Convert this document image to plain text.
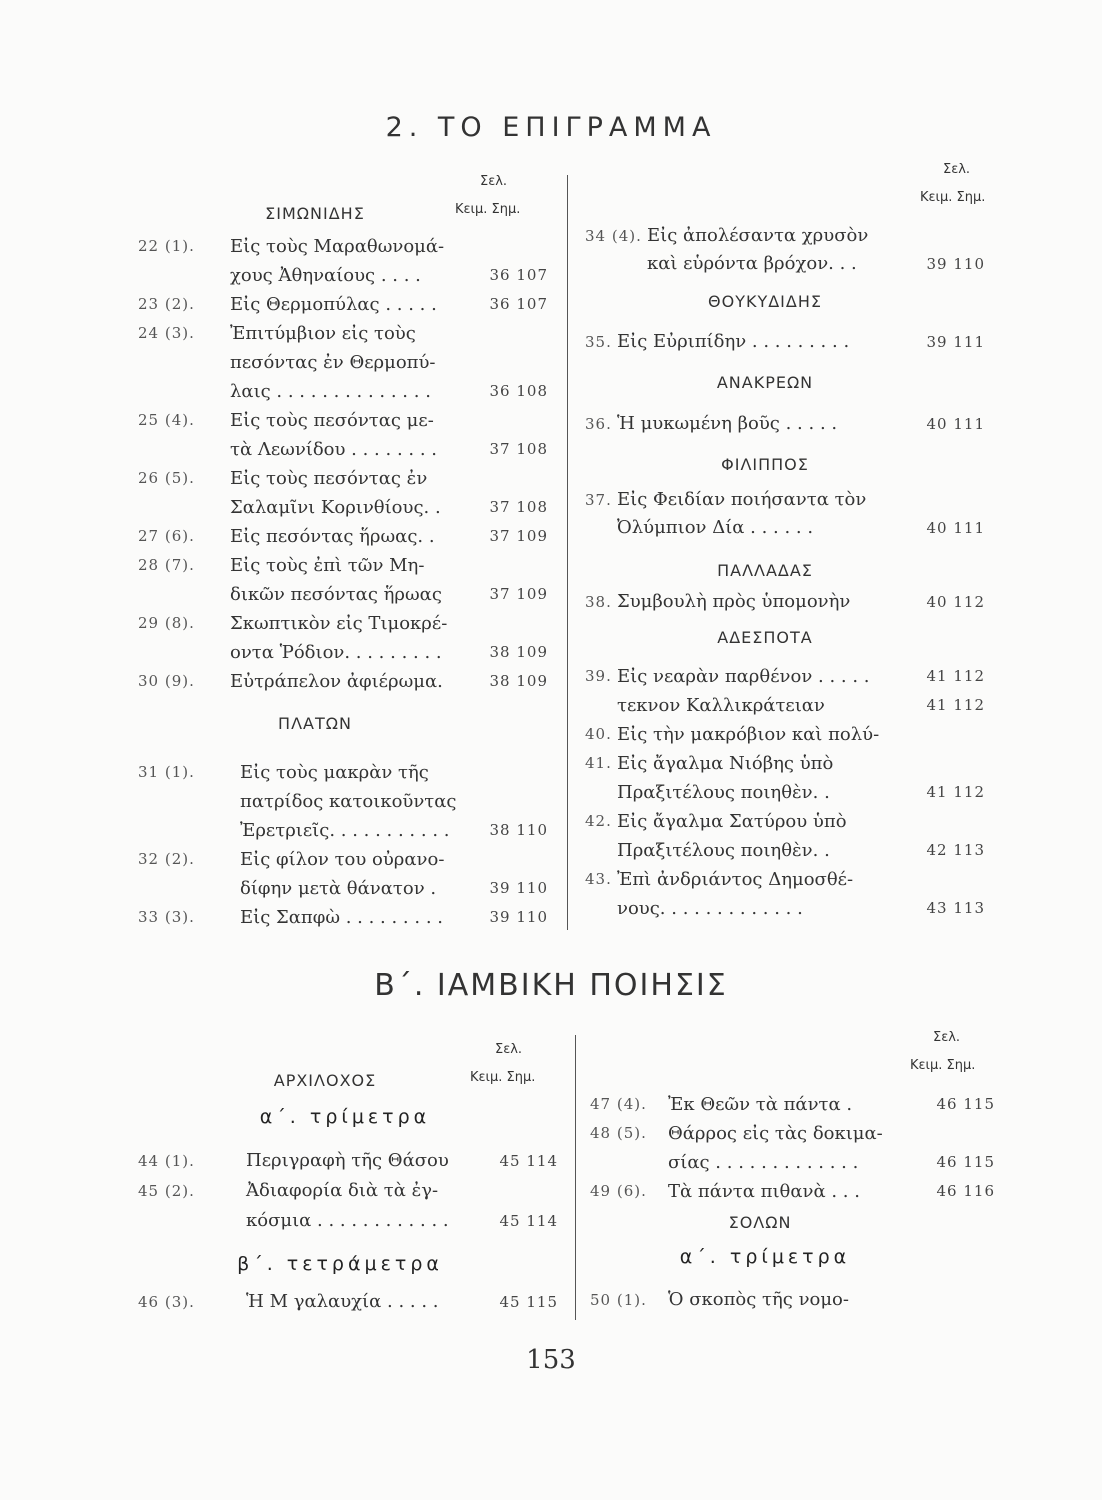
2. ΤΟ ΕΠΙΓΡΑΜΜΑ
Σελ.
Κειμ. Σημ.
ΣΙΜΩΝΙΔΗΣ
22 (1). Εἰς τοὺς Μαραθωνομά-
χους Ἀθηναίους . . . .	36 107
23 (2). Εἰς Θερμοπύλας . . . . .	36 107
24 (3). Ἐπιτύμβιον εἰς τοὺς
πεσόντας ἐν Θερμοπύ-
λαις . . . . . . . . . . . . . .	36 108
25 (4). Εἰς τοὺς πεσόντας με-
τὰ Λεωνίδου . . . . . . . .	37 108
26 (5). Εἰς τοὺς πεσόντας ἐν
Σαλαμῖνι Κορινθίους. .	37 108
27 (6). Εἰς πεσόντας ἥρωας. .	37 109
28 (7). Εἰς τοὺς ἐπὶ τῶν Μη-
δικῶν πεσόντας ἥρωας	37 109
29 (8). Σκωπτικὸν εἰς Τιμοκρέ-
οντα Ῥόδιον. . . . . . . . .	38 109
30 (9). Εὐτράπελον ἀφιέρωμα.	38 109
ΠΛΑΤΩΝ
31 (1).	Εἰς τοὺς μακρὰν τῆς
πατρίδος κατοικοῦντας
Ἐρετριεῖς. . . . . . . . . . .	38 110
32 (2).	Εἰς φίλον του οὐρανο-
δίφην μετὰ θάνατον .	39 110
33 (3).	Εἰς Σαπφὼ . . . . . . . . .	39 110
Σελ.
Κειμ. Σημ.
34 (4). Εἰς ἀπολέσαντα χρυσὸν
καὶ εὑρόντα βρόχον. . .	39 110
ΘΟΥΚΥΔΙΔΗΣ
35. Εἰς Εὐριπίδην . . . . . . . . .	39 111
ΑΝΑΚΡΕΩΝ
36. Ἡ μυκωμένη βοῦς . . . . .	40 111
ΦΙΛΙΠΠΟΣ
37. Εἰς Φειδίαν ποιήσαντα τὸν
Ὀλύμπιον Δία . . . . . .	40 111
ΠΑΛΛΑΔΑΣ
38. Συμβουλὴ πρὸς ὑπομονὴν	40 112
ΑΔΕΣΠΟΤΑ
39. Εἰς νεαρὰν παρθένον . . . . .	41 112
τεκνον Καλλικράτειαν	41 112
40. Εἰς τὴν μακρόβιον καὶ πολύ-
41. Εἰς ἄγαλμα Νιόβης ὑπὸ
Πραξιτέλους ποιηθὲν. .	41 112
42. Εἰς ἄγαλμα Σατύρου ὑπὸ
Πραξιτέλους ποιηθὲν. .	42 113
43. Ἐπὶ ἀνδριάντος Δημοσθέ-
νους. . . . . . . . . . . . .	43 113
Β΄. ΙΑΜΒΙΚΗ ΠΟΙΗΣΙΣ
Σελ.
Κειμ. Σημ.
ΑΡΧΙΛΟΧΟΣ
α΄. τρίμετρα
44 (1).	Περιγραφὴ τῆς Θάσου	45 114
45 (2).	Ἀδιαφορία διὰ τὰ ἐγ-
κόσμια . . . . . . . . . . . .	45 114
β΄. τετράμετρα
46 (3).	Ἡ Μ γαλαυχία . . . . .	45 115
Σελ.
Κειμ. Σημ.
47 (4). Ἐκ Θεῶν τὰ πάντα .	46 115
48 (5). Θάρρος εἰς τὰς δοκιμα-
σίας . . . . . . . . . . . . .	46 115
49 (6). Τὰ πάντα πιθανὰ . . .	46 116
ΣΟΛΩΝ
α΄. τρίμετρα
50 (1). Ὁ σκοπὸς τῆς νομο-
153
